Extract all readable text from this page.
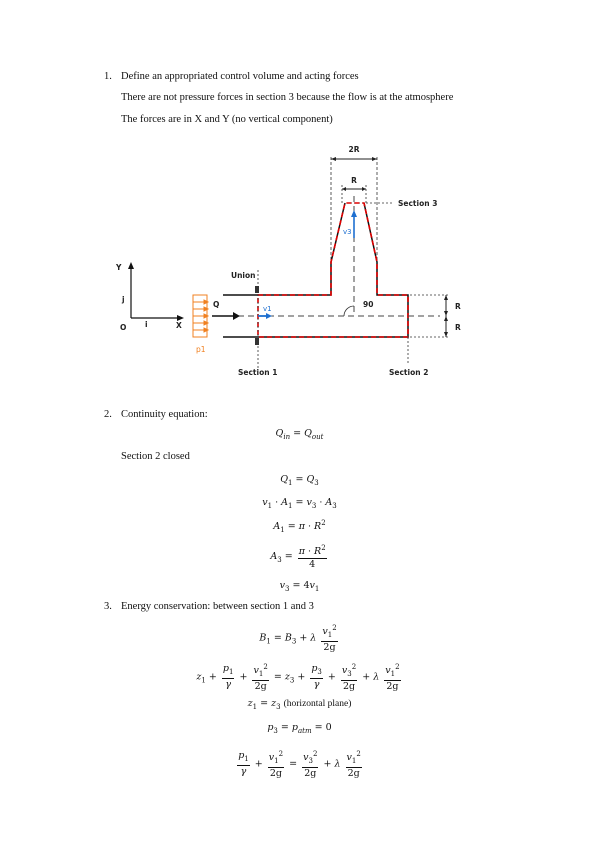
1. Define an appropriated control volume and acting forces
There are not pressure forces in section 3 because the flow is at the atmosphere
The forces are in X and Y (no vertical component)
2R
R
Section 3
90
v3
Union
v1
Q
p1
Y
j
O i	X
R
R
Section 1	Section 2
2. Continuity equation:
$Q_{in} = Q_{out}$
Section 2 closed
$Q_1 = Q_3$
$v_1 \cdot A_1 = v_3 \cdot A_3$
$A_1 = \pi \cdot R^2$
$A_3 = \frac{\pi \cdot R^2}{4}$
$v_3 = 4v_1$
3. Energy conservation: between section 1 and 3
$B_1 = B_3 + \lambda \frac{v_1^2}{2g}$
$z_1 + \frac{p_1}{\gamma} + \frac{v_1^2}{2g} = z_3 + \frac{p_3}{\gamma} + \frac{v_3^2}{2g} + \lambda \frac{v_1^2}{2g}$
$z_1 = z_3$ (horizontal plane)
$p_3 = p_{atm} = 0$
$\frac{p_1}{\gamma} + \frac{v_1^2}{2g} = \frac{v_3^2}{2g} + \lambda \frac{v_1^2}{2g}$
